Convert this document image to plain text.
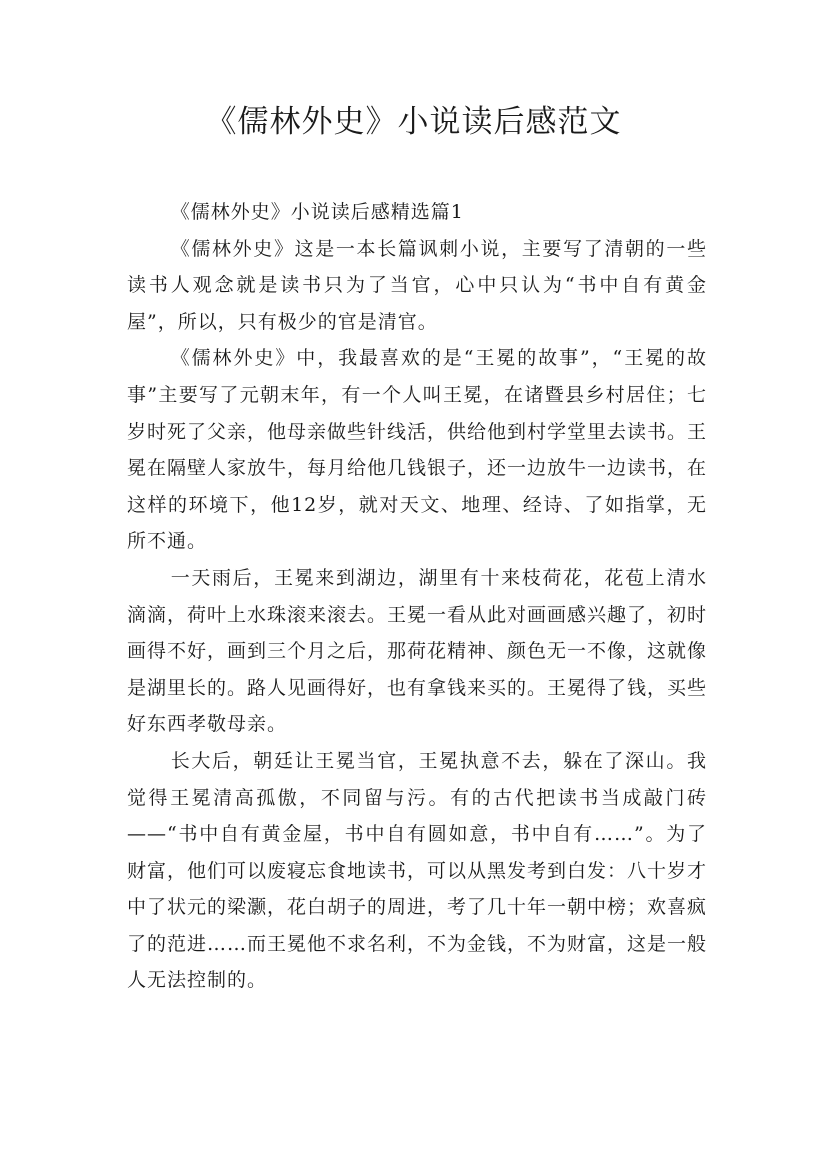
《儒林外史》小说读后感范文

《儒林外史》小说读后感精选篇1

《儒林外史》这是一本长篇讽刺小说，主要写了清朝的一些读书人观念就是读书只为了当官，心中只认为“书中自有黄金屋”，所以，只有极少的官是清官。

《儒林外史》中，我最喜欢的是“王冕的故事”，“王冕的故事”主要写了元朝末年，有一个人叫王冕，在诸暨县乡村居住；七岁时死了父亲，他母亲做些针线活，供给他到村学堂里去读书。王冕在隔壁人家放牛，每月给他几钱银子，还一边放牛一边读书，在这样的环境下，他12岁，就对天文、地理、经诗、了如指掌，无所不通。

一天雨后，王冕来到湖边，湖里有十来枝荷花，花苞上清水滴滴，荷叶上水珠滚来滚去。王冕一看从此对画画感兴趣了，初时画得不好，画到三个月之后，那荷花精神、颜色无一不像，这就像是湖里长的。路人见画得好，也有拿钱来买的。王冕得了钱，买些好东西孝敬母亲。

长大后，朝廷让王冕当官，王冕执意不去，躲在了深山。我觉得王冕清高孤傲，不同留与污。有的古代把读书当成敲门砖——“书中自有黄金屋，书中自有圆如意，书中自有……”。为了财富，他们可以废寝忘食地读书，可以从黑发考到白发：八十岁才中了状元的梁灏，花白胡子的周进，考了几十年一朝中榜；欢喜疯了的范进……而王冕他不求名利，不为金钱，不为财富，这是一般人无法控制的。
